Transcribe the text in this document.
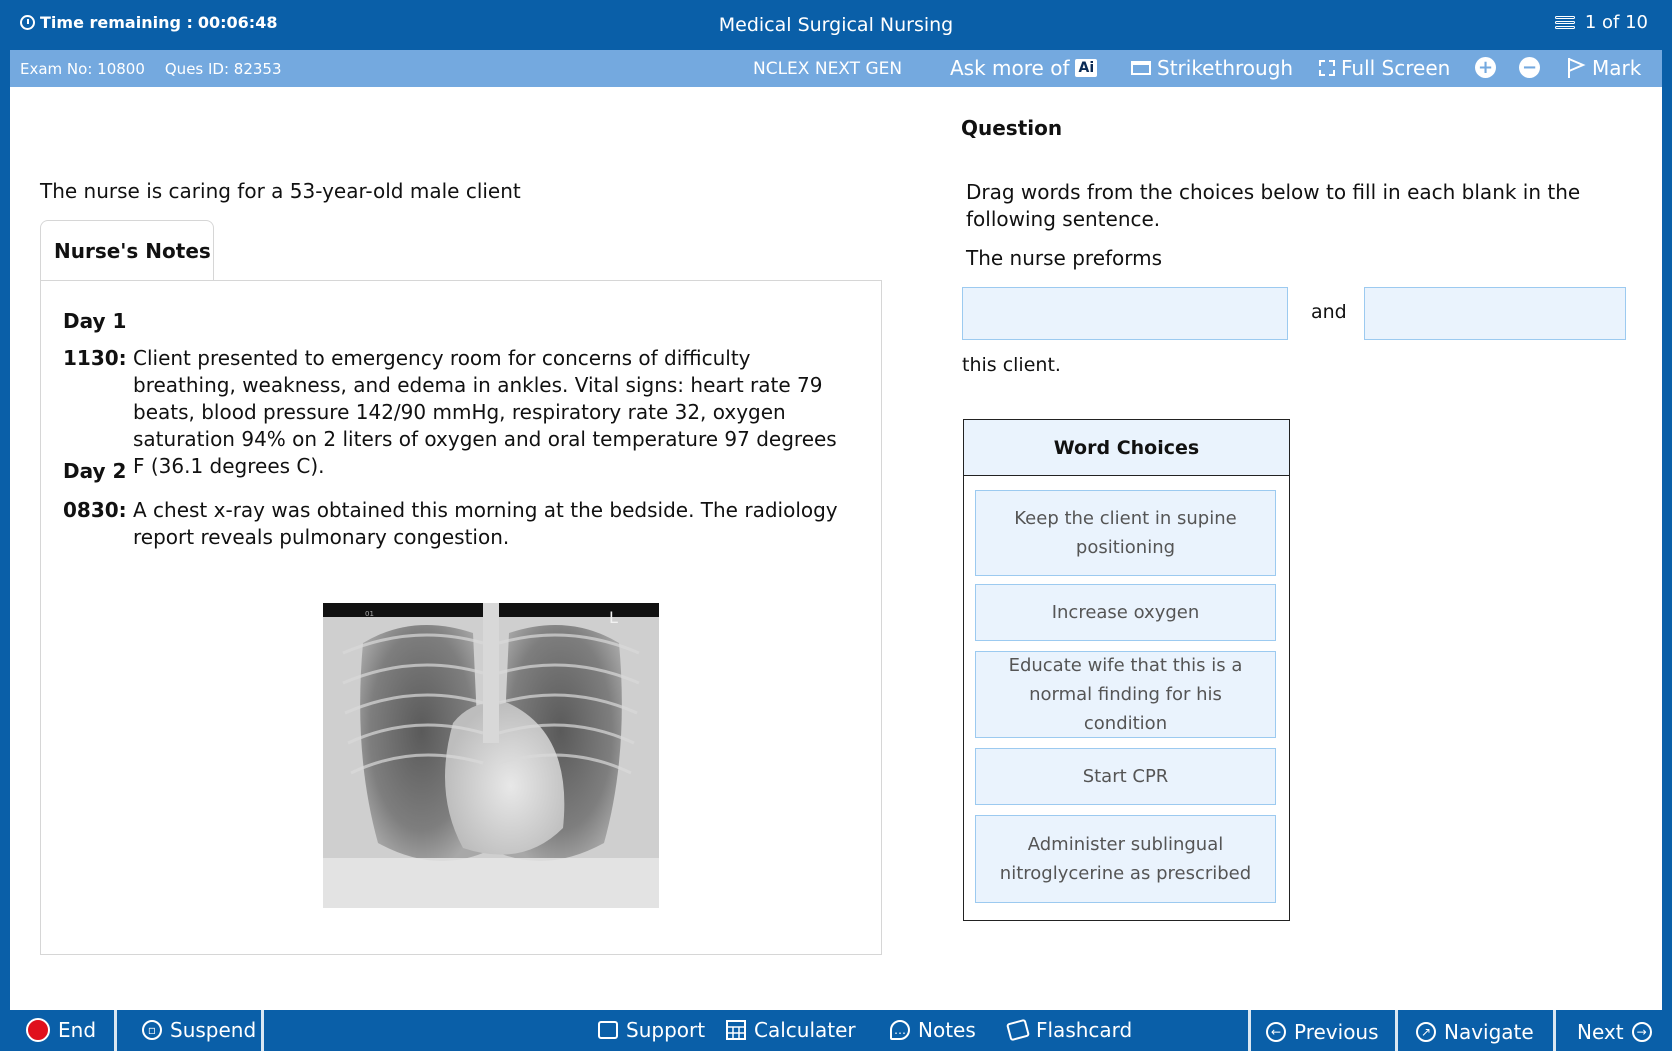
Time remaining : 00:06:48	Medical Surgical Nursing	1 of 10
Exam No: 10800 Ques ID: 82353	NCLEX NEXT GEN Ask more of Ai	Strikethrough Full Screen + −	Mark
The nurse is caring for a 53-year-old male client
Nurse's Notes
Day 1
1130: Client presented to emergency room for concerns of difficulty breathing, weakness, and edema in ankles. Vital signs: heart rate 79 beats, blood pressure 142/90 mmHg, respiratory rate 32, oxygen saturation 94% on 2 liters of oxygen and oral temperature 97 degrees F (36.1 degrees C).
Day 2
0830: A chest x-ray was obtained this morning at the bedside. The radiology report reveals pulmonary congestion.
01	L
Question
Drag words from the choices below to fill in each blank in the following sentence.
The nurse preforms
and
this client.
Word Choices
Keep the client in supine positioning
Increase oxygen
Educate wife that this is a normal finding for his condition
Start CPR
Administer sublingual nitroglycerine as prescribed
End	▫ Suspend	Support Calculater	… Notes	Flashcard	← Previous	↗ Navigate Next	→
